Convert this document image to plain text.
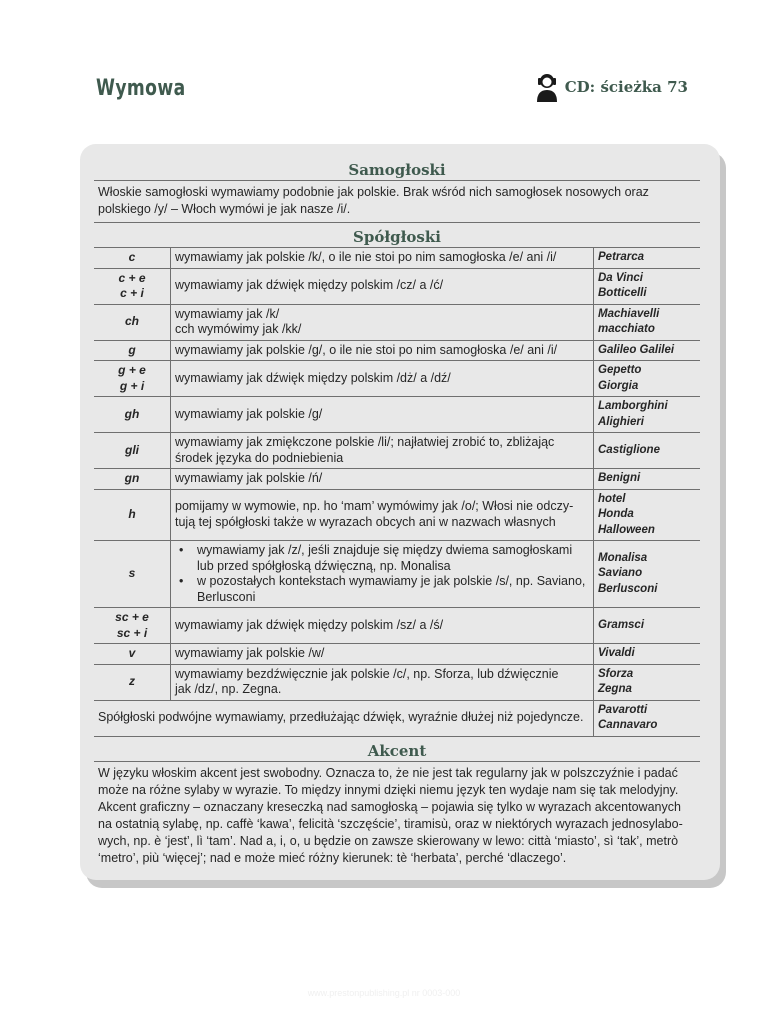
Wymowa	CD: ścieżka 73
Samogłoski
Włoskie samogłoski wymawiamy podobnie jak polskie. Brak wśród nich samogłosek nosowych oraz
polskiego /y/ – Włoch wymówi je jak nasze /i/.
Spółgłoski
c	wymawiamy jak polskie /k/, o ile nie stoi po nim samogłoska /e/ ani /i/	Petrarca

c + e
c + i	wymawiamy jak dźwięk między polskim /cz/ a /ć/	Da Vinci
Botticelli

ch	wymawiamy jak /k/
cch wymówimy jak /kk/	Machiavelli
macchiato

g	wymawiamy jak polskie /g/, o ile nie stoi po nim samogłoska /e/ ani /i/	Galileo Galilei

g + e
g + i	wymawiamy jak dźwięk między polskim /dż/ a /dź/	Gepetto
Giorgia

gh	wymawiamy jak polskie /g/	Lamborghini
Alighieri

gli	wymawiamy jak zmiękczone polskie /li/; najłatwiej zrobić to, zbliżając
środek języka do podniebienia	Castiglione

gn	wymawiamy jak polskie /ń/	Benigni

h	pomijamy w wymowie, np. ho ‘mam’ wymówimy jak /o/; Włosi nie odczy-
tują tej spółgłoski także w wyrazach obcych ani w nazwach własnych	hotel
Honda
Halloween

s	• wymawiamy jak /z/, jeśli znajduje się między dwiema samogłoskami
lub przed spółgłoską dźwięczną, np. Monalisa
• w pozostałych kontekstach wymawiamy je jak polskie /s/, np. Saviano,
Berlusconi	Monalisa
Saviano
Berlusconi

sc + e
sc + i	wymawiamy jak dźwięk między polskim /sz/ a /ś/	Gramsci

v	wymawiamy jak polskie /w/	Vivaldi

z	wymawiamy bezdźwięcznie jak polskie /c/, np. Sforza, lub dźwięcznie
jak /dz/, np. Zegna.	Sforza
Zegna

Spółgłoski podwójne wymawiamy, przedłużając dźwięk, wyraźnie dłużej niż pojedyncze.		Pavarotti
Cannavaro
Akcent
W języku włoskim akcent jest swobodny. Oznacza to, że nie jest tak regularny jak w polszczyźnie i padać
może na różne sylaby w wyrazie. To między innymi dzięki niemu język ten wydaje nam się tak melodyjny.
Akcent graficzny – oznaczany kreseczką nad samogłoską – pojawia się tylko w wyrazach akcentowanych
na ostatnią sylabę, np. caffè ‘kawa’, felicità ‘szczęście’, tiramisù, oraz w niektórych wyrazach jednosylabo-
wych, np. è ‘jest’, lì ‘tam’. Nad a, i, o, u będzie on zawsze skierowany w lewo: città ‘miasto’, sì ‘tak’, metrò
‘metro’, più ‘więcej’; nad e może mieć różny kierunek: tè ‘herbata’, perché ‘dlaczego’.
www.prestonpublishing.pl nr 0003-000
